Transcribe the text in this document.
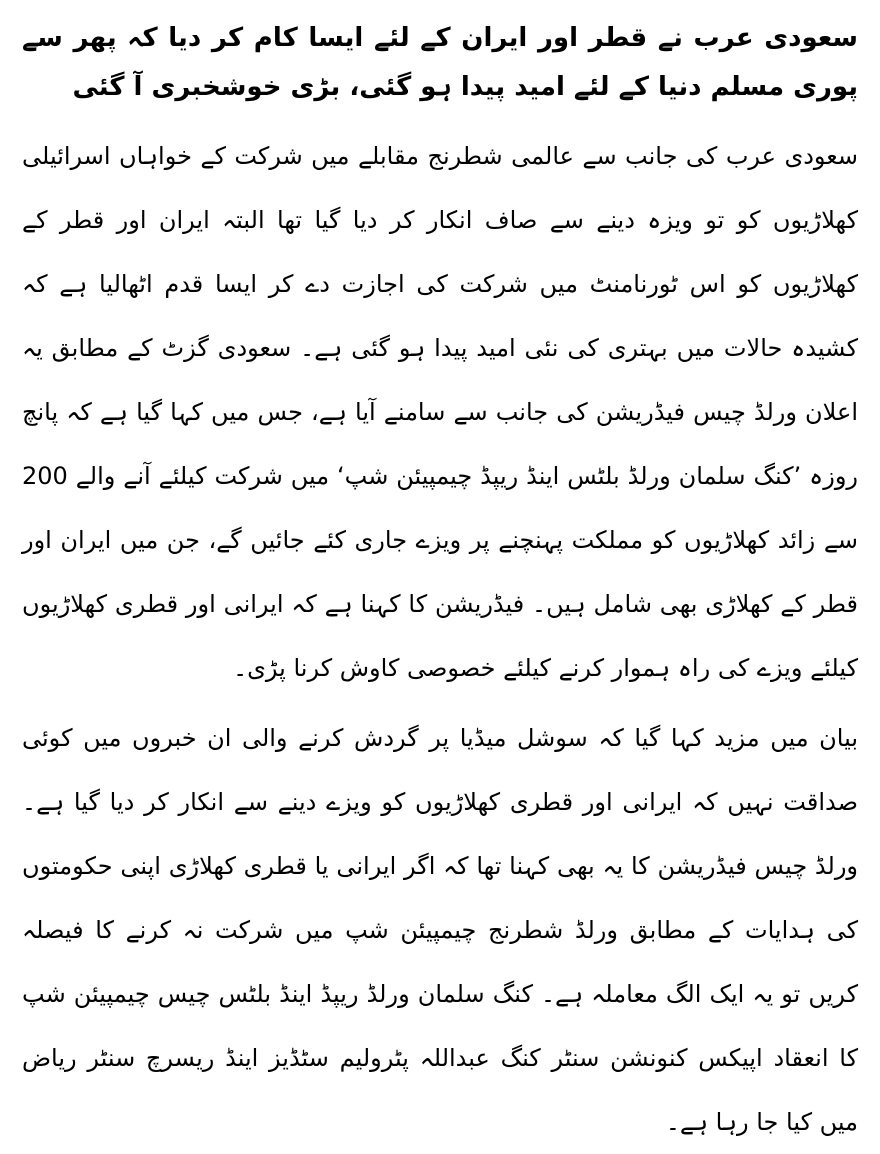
سعودی عرب نے قطر اور ایران کے لئے ایسا کام کر دیا کہ پھر سے پوری مسلم دنیا کے لئے امید پیدا ہو گئی، بڑی خوشخبری آ گئی

سعودی عرب کی جانب سے عالمی شطرنج مقابلے میں شرکت کے خواہاں اسرائیلی کھلاڑیوں کو تو ویزہ دینے سے صاف انکار کر دیا گیا تھا البتہ ایران اور قطر کے کھلاڑیوں کو اس ٹورنامنٹ میں شرکت کی اجازت دے کر ایسا قدم اٹھالیا ہے کہ کشیدہ حالات میں بہتری کی نئی امید پیدا ہو گئی ہے۔ سعودی گزٹ کے مطابق یہ اعلان ورلڈ چیس فیڈریشن کی جانب سے سامنے آیا ہے، جس میں کہا گیا ہے کہ پانچ روزہ ’کنگ سلمان ورلڈ بلٹس اینڈ ریپڈ چیمپیئن شپ‘ میں شرکت کیلئے آنے والے 200 سے زائد کھلاڑیوں کو مملکت پہنچنے پر ویزے جاری کئے جائیں گے، جن میں ایران اور قطر کے کھلاڑی بھی شامل ہیں۔ فیڈریشن کا کہنا ہے کہ ایرانی اور قطری کھلاڑیوں کیلئے ویزے کی راہ ہموار کرنے کیلئے خصوصی کاوش کرنا پڑی۔

بیان میں مزید کہا گیا کہ سوشل میڈیا پر گردش کرنے والی ان خبروں میں کوئی صداقت نہیں کہ ایرانی اور قطری کھلاڑیوں کو ویزے دینے سے انکار کر دیا گیا ہے۔ ورلڈ چیس فیڈریشن کا یہ بھی کہنا تھا کہ اگر ایرانی یا قطری کھلاڑی اپنی حکومتوں کی ہدایات کے مطابق ورلڈ شطرنج چیمپیئن شپ میں شرکت نہ کرنے کا فیصلہ کریں تو یہ ایک الگ معاملہ ہے۔ کنگ سلمان ورلڈ ریپڈ اینڈ بلٹس چیس چیمپیئن شپ کا انعقاد اپیکس کنونشن سنٹر کنگ عبداللہ پٹرولیم سٹڈیز اینڈ ریسرچ سنٹر ریاض میں کیا جا رہا ہے۔
